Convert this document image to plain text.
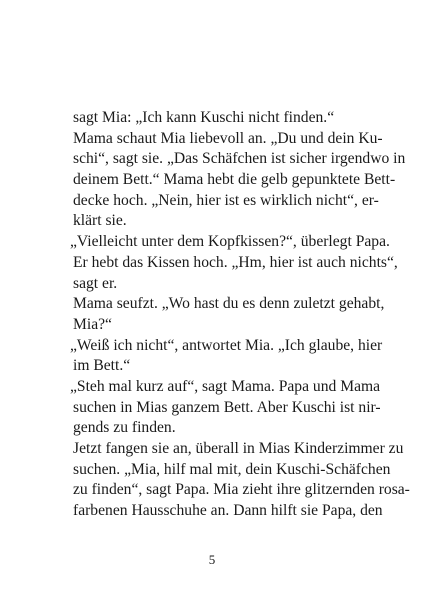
sagt Mia: „Ich kann Kuschi nicht finden.“
Mama schaut Mia liebevoll an. „Du und dein Ku-
schi“, sagt sie. „Das Schäfchen ist sicher irgendwo in
deinem Bett.“ Mama hebt die gelb gepunktete Bett-
decke hoch. „Nein, hier ist es wirklich nicht“, er-
klärt sie.
„Vielleicht unter dem Kopfkissen?“, überlegt Papa.
Er hebt das Kissen hoch. „Hm, hier ist auch nichts“,
sagt er.
Mama seufzt. „Wo hast du es denn zuletzt gehabt,
Mia?“
„Weiß ich nicht“, antwortet Mia. „Ich glaube, hier
im Bett.“
„Steh mal kurz auf“, sagt Mama. Papa und Mama
suchen in Mias ganzem Bett. Aber Kuschi ist nir-
gends zu finden.
Jetzt fangen sie an, überall in Mias Kinderzimmer zu
suchen. „Mia, hilf mal mit, dein Kuschi-Schäfchen
zu finden“, sagt Papa. Mia zieht ihre glitzernden rosa-
farbenen Hausschuhe an. Dann hilft sie Papa, den
5
